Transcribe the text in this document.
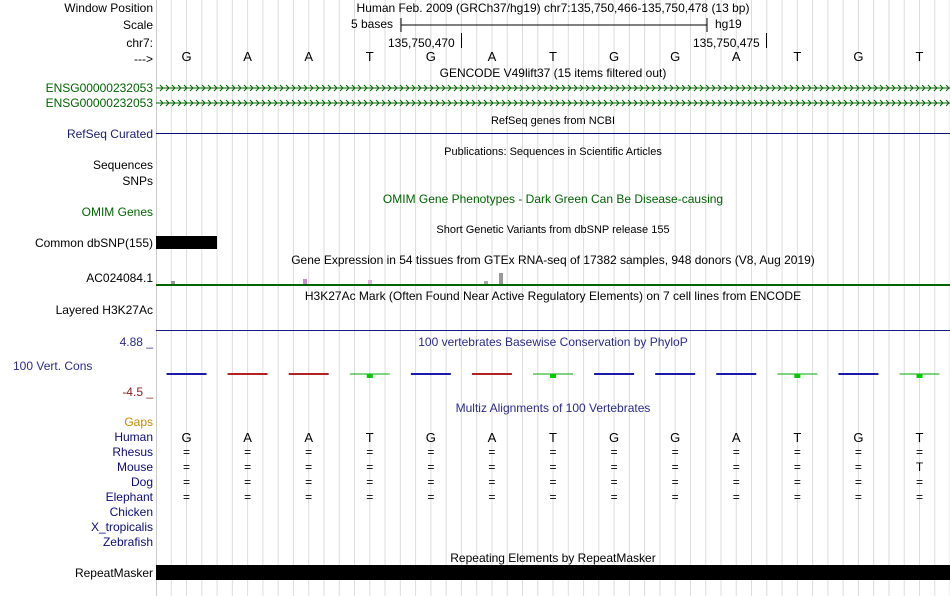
Window Position	Human Feb. 2009 (GRCh37/hg19) chr7:135,750,466-135,750,478 (13 bp)
Scale	5 bases	hg19
chr7:	135,750,470	135,750,475
--->	G	A	A	T	G	A	T	G	G	A	T	G	T
GENCODE V49lift37 (15 items filtered out)
ENSG00000232053
ENSG00000232053
RefSeq genes from NCBI
RefSeq Curated
Publications: Sequences in Scientific Articles
Sequences
SNPs
OMIM Gene Phenotypes - Dark Green Can Be Disease-causing
OMIM Genes
Short Genetic Variants from dbSNP release 155
Common dbSNP(155)
Gene Expression in 54 tissues from GTEx RNA-seq of 17382 samples, 948 donors (V8, Aug 2019)
AC024084.1
H3K27Ac Mark (Often Found Near Active Regulatory Elements) on 7 cell lines from ENCODE
Layered H3K27Ac
100 vertebrates Basewise Conservation by PhyloP
4.88 _
100 Vert. Cons
-4.5 _
Multiz Alignments of 100 Vertebrates
Gaps
Human	G	A	A	T	G	A	T	G	G	A	T	G	T
Rhesus	=	=	=	=	=	=	=	=	=	=	=	=	=
Mouse	=	=	=	=	=	=	=	=	=	=	=	=	T
Dog	=	=	=	=	=	=	=	=	=	=	=	=	=
Elephant	=	=	=	=	=	=	=	=	=	=	=	=	=
Chicken
X_tropicalis
Zebrafish
Repeating Elements by RepeatMasker
RepeatMasker
